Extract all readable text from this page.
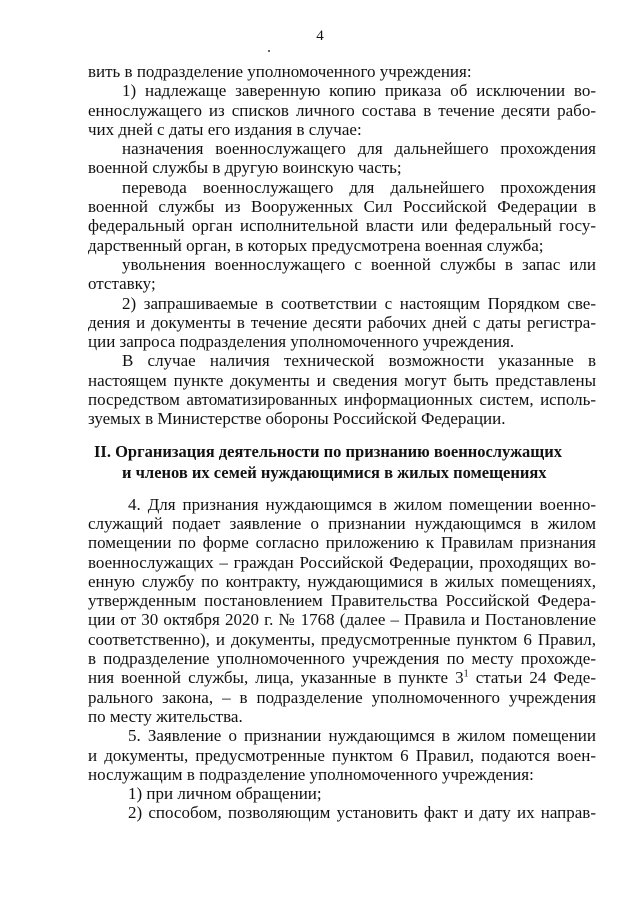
4
вить в подразделение уполномоченного учреждения:
1) надлежаще заверенную копию приказа об исключении во-
еннослужащего из списков личного состава в течение десяти рабо-
чих дней с даты его издания в случае:
назначения военнослужащего для дальнейшего прохождения
военной службы в другую воинскую часть;
перевода военнослужащего для дальнейшего прохождения
военной службы из Вооруженных Сил Российской Федерации в
федеральный орган исполнительной власти или федеральный госу-
дарственный орган, в которых предусмотрена военная служба;
увольнения военнослужащего с военной службы в запас или
отставку;
2) запрашиваемые в соответствии с настоящим Порядком све-
дения и документы в течение десяти рабочих дней с даты регистра-
ции запроса подразделения уполномоченного учреждения.
В случае наличия технической возможности указанные в
настоящем пункте документы и сведения могут быть представлены
посредством автоматизированных информационных систем, исполь-
зуемых в Министерстве обороны Российской Федерации.
II. Организация деятельности по признанию военнослужащих
и членов их семей нуждающимися в жилых помещениях
4. Для признания нуждающимся в жилом помещении военно-
служащий подает заявление о признании нуждающимся в жилом
помещении по форме согласно приложению к Правилам признания
военнослужащих – граждан Российской Федерации, проходящих во-
енную службу по контракту, нуждающимися в жилых помещениях,
утвержденным постановлением Правительства Российской Федера-
ции от 30 октября 2020 г. № 1768 (далее – Правила и Постановление
соответственно), и документы, предусмотренные пунктом 6 Правил,
в подразделение уполномоченного учреждения по месту прохожде-
ния военной службы, лица, указанные в пункте $3^1$ статьи 24 Феде-
рального закона, – в подразделение уполномоченного учреждения
по месту жительства.
5. Заявление о признании нуждающимся в жилом помещении
и документы, предусмотренные пунктом 6 Правил, подаются воен-
нослужащим в подразделение уполномоченного учреждения:
1) при личном обращении;
2) способом, позволяющим установить факт и дату их направ-
